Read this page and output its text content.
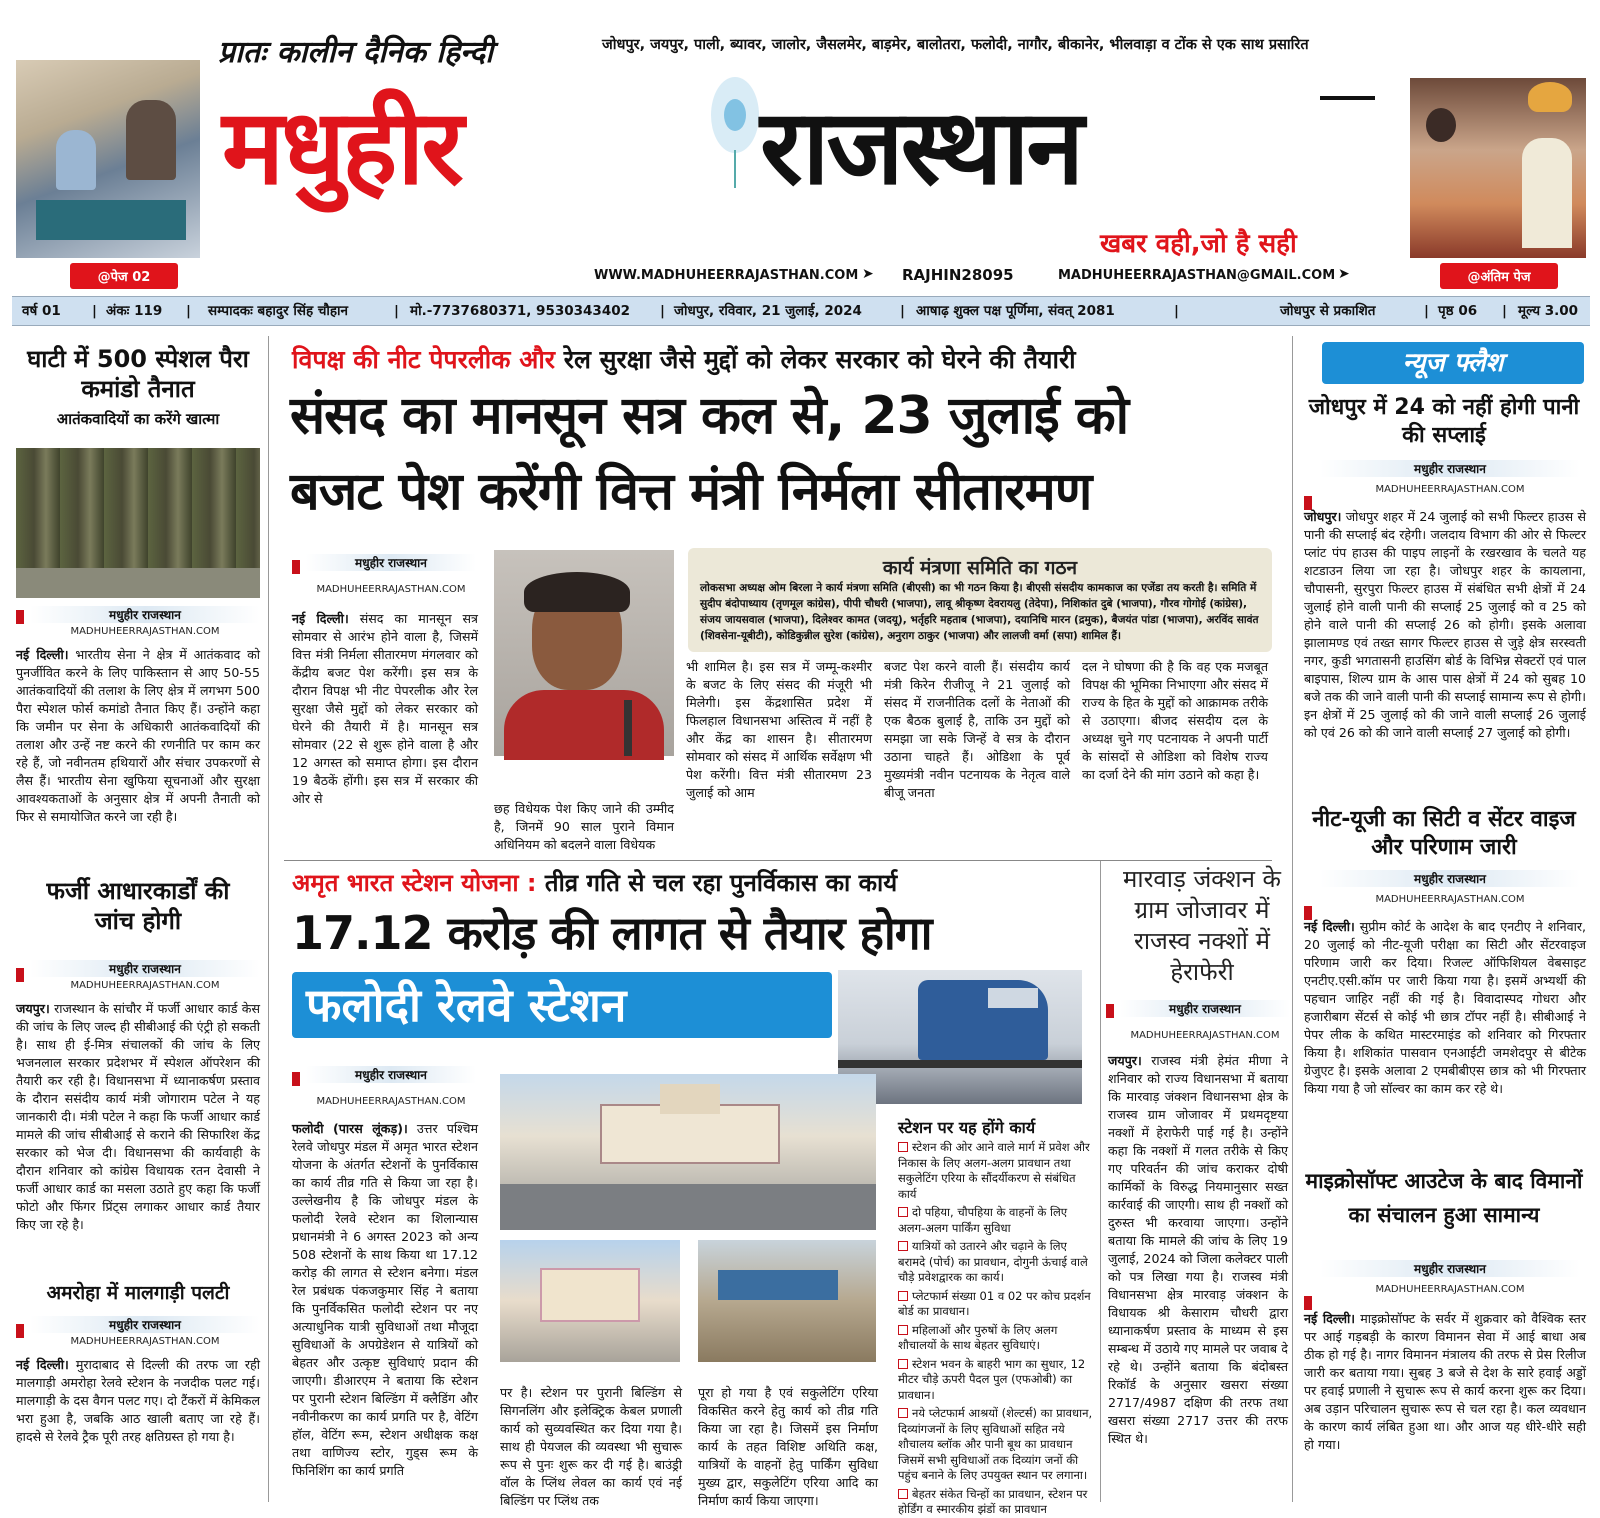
@पेज 02
प्रातः कालीन दैनिक हिन्दी	जोधपुर, जयपुर, पाली, ब्यावर, जालोर, जैसलमेर, बाड़मेर, बालोतरा, फलोदी, नागौर, बीकानेर, भीलवाड़ा व टोंक से एक साथ प्रसारित
मधुहीर	राजस्थान
खबर वही,जो है सही
WWW.MADHUHEERRAJASTHAN.COM ➤ RAJHIN28095	MADHUHEERRAJASTHAN@GMAIL.COM ➤	@अंतिम पेज
वर्ष 01 | अंकः 119 | सम्पादकः बहादुर सिंह चौहान	| मो.-7737680371, 9530343402 | जोधपुर, रविवार, 21 जुलाई, 2024	| आषाढ़ शुक्ल पक्ष पूर्णिमा, संवत् 2081	|	जोधपुर से प्रकाशित	| पृष्ठ 06 | मूल्य 3.00
घाटी में 500 स्पेशल पैरा कमांडो तैनात
आतंकवादियों का करेंगे खात्मा
मधुहीर राजस्थान
MADHUHEERRAJASTHAN.COM
नई दिल्ली। भारतीय सेना ने क्षेत्र में आतंकवाद को पुनर्जीवित करने के लिए पाकिस्तान से आए 50-55 आतंकवादियों की तलाश के लिए क्षेत्र में लगभग 500 पैरा स्पेशल फोर्स कमांडो तैनात किए हैं। उन्होंने कहा कि जमीन पर सेना के अधिकारी आतंकवादियों की तलाश और उन्हें नष्ट करने की रणनीति पर काम कर रहे हैं, जो नवीनतम हथियारों और संचार उपकरणों से लैस हैं। भारतीय सेना खुफिया सूचनाओं और सुरक्षा आवश्यकताओं के अनुसार क्षेत्र में अपनी तैनाती को फिर से समायोजित करने जा रही है।
फर्जी आधारकार्डों की जांच होगी
मधुहीर राजस्थान
MADHUHEERRAJASTHAN.COM
जयपुर। राजस्थान के सांचौर में फर्जी आधार कार्ड केस की जांच के लिए जल्द ही सीबीआई की एंट्री हो सकती है। साथ ही ई-मित्र संचालकों की जांच के लिए भजनलाल सरकार प्रदेशभर में स्पेशल ऑपरेशन की तैयारी कर रही है। विधानसभा में ध्यानाकर्षण प्रस्ताव के दौरान ससंदीय कार्य मंत्री जोगाराम पटेल ने यह जानकारी दी। मंत्री पटेल ने कहा कि फर्जी आधार कार्ड मामले की जांच सीबीआई से कराने की सिफारिश केंद्र सरकार को भेज दी। विधानसभा की कार्यवाही के दौरान शनिवार को कांग्रेस विधायक रतन देवासी ने फर्जी आधार कार्ड का मसला उठाते हुए कहा कि फर्जी फोटो और फिंगर प्रिंट्स लगाकर आधार कार्ड तैयार किए जा रहे है।
अमरोहा में मालगाड़ी पलटी
मधुहीर राजस्थान
MADHUHEERRAJASTHAN.COM
नई दिल्ली। मुरादाबाद से दिल्ली की तरफ जा रही मालगाड़ी अमरोहा रेलवे स्टेशन के नजदीक पलट गई। मालगाड़ी के दस वैगन पलट गए। दो टैंकरों में केमिकल भरा हुआ है, जबकि आठ खाली बताए जा रहे हैं। हादसे से रेलवे ट्रैक पूरी तरह क्षतिग्रस्त हो गया है।
विपक्ष की नीट पेपरलीक और रेल सुरक्षा जैसे मुद्दों को लेकर सरकार को घेरने की तैयारी
संसद का मानसून सत्र कल से, 23 जुलाई को
बजट पेश करेंगी वित्त मंत्री निर्मला सीतारमण
मधुहीर राजस्थान
MADHUHEERRAJASTHAN.COM
नई दिल्ली। संसद का मानसून सत्र सोमवार से आरंभ होने वाला है, जिसमें वित्त मंत्री निर्मला सीतारमण मंगलवार को केंद्रीय बजट पेश करेंगी। इस सत्र के दौरान विपक्ष भी नीट पेपरलीक और रेल सुरक्षा जैसे मुद्दों को लेकर सरकार को घेरने की तैयारी में है। मानसून सत्र सोमवार (22 से शुरू होने वाला है और 12 अगस्त को समाप्त होगा। इस दौरान 19 बैठकें होंगी। इस सत्र में सरकार की ओर से
छह विधेयक पेश किए जाने की उम्मीद है, जिनमें 90 साल पुराने विमान अधिनियम को बदलने वाला विधेयक
कार्य मंत्रणा समिति का गठन
लोकसभा अध्यक्ष ओम बिरला ने कार्य मंत्रणा समिति (बीएसी) का भी गठन किया है। बीएसी संसदीय कामकाज का एजेंडा तय करती है। समिति में सुदीप बंदोपाध्याय (तृणमूल कांग्रेस), पीपी चौधरी (भाजपा), लावू श्रीकृष्ण देवरायलु (तेदेपा), निशिकांत दुबे (भाजपा), गौरव गोगोई (कांग्रेस), संजय जायसवाल (भाजपा), दिलेश्वर कामत (जदयू), भर्तृहरि महताब (भाजपा), दयानिधि मारन (द्रमुक), बैजयंत पांडा (भाजपा), अरविंद सावंत (शिवसेना-यूबीटी), कोडिकुन्नील सुरेश (कांग्रेस), अनुराग ठाकुर (भाजपा) और लालजी वर्मा (सपा) शामिल हैं।
भी शामिल है। इस सत्र में जम्मू-कश्मीर के बजट के लिए संसद की मंजूरी भी मिलेगी। इस केंद्रशासित प्रदेश में फिलहाल विधानसभा अस्तित्व में नहीं है और केंद्र का शासन है। सीतारमण सोमवार को संसद में आर्थिक सर्वेक्षण भी पेश करेंगी। वित्त मंत्री सीतारमण 23 जुलाई को आम
बजट पेश करने वाली हैं। संसदीय कार्य मंत्री किरेन रीजीजू ने 21 जुलाई को संसद में राजनीतिक दलों के नेताओं की एक बैठक बुलाई है, ताकि उन मुद्दों को समझा जा सके जिन्हें वे सत्र के दौरान उठाना चाहते हैं। ओडिशा के पूर्व मुख्यमंत्री नवीन पटनायक के नेतृत्व वाले बीजू जनता
दल ने घोषणा की है कि वह एक मजबूत विपक्ष की भूमिका निभाएगा और संसद में राज्य के हित के मुद्दों को आक्रामक तरीके से उठाएगा। बीजद संसदीय दल के अध्यक्ष चुने गए पटनायक ने अपनी पार्टी के सांसदों से ओडिशा को विशेष राज्य का दर्जा देने की मांग उठाने को कहा है।
अमृत भारत स्टेशन योजना : तीव्र गति से चल रहा पुनर्विकास का कार्य
17.12 करोड़ की लागत से तैयार होगा
फलोदी रेलवे स्टेशन
मधुहीर राजस्थान
MADHUHEERRAJASTHAN.COM
फलोदी (पारस लूंकड़)। उत्तर पश्चिम रेलवे जोधपुर मंडल में अमृत भारत स्टेशन योजना के अंतर्गत स्टेशनों के पुनर्विकास का कार्य तीव्र गति से किया जा रहा है। उल्लेखनीय है कि जोधपुर मंडल के फलोदी रेलवे स्टेशन का शिलान्यास प्रधानमंत्री ने 6 अगस्त 2023 को अन्य 508 स्टेशनों के साथ किया था 17.12 करोड़ की लागत से स्टेशन बनेगा। मंडल रेल प्रबंधक पंकजकुमार सिंह ने बताया कि पुनर्विकसित फलोदी स्टेशन पर नए अत्याधुनिक यात्री सुविधाओं तथा मौजूदा सुविधाओं के अपग्रेडेशन से यात्रियों को बेहतर और उत्कृष्ट सुविधाएं प्रदान की जाएगी। डीआरएम ने बताया कि स्टेशन पर पुरानी स्टेशन बिल्डिंग में क्लैडिंग और नवीनीकरण का कार्य प्रगति पर है, वेटिंग हॉल, वेटिंग रूम, स्टेशन अधीक्षक कक्ष तथा वाणिज्य स्टोर, गुड्स रूम के फिनिशिंग का कार्य प्रगति
पर है। स्टेशन पर पुरानी बिल्डिंग से सिगनलिंग और इलेक्ट्रिक केबल प्रणाली कार्य को सुव्यवस्थित कर दिया गया है। साथ ही पेयजल की व्यवस्था भी सुचारू रूप से पुनः शुरू कर दी गई है। बाउंड्री वॉल के प्लिंथ लेवल का कार्य एवं नई बिल्डिंग पर प्लिंथ तक
पूरा हो गया है एवं सकुलेटिंग एरिया विकसित करने हेतु कार्य को तीव्र गति किया जा रहा है। जिसमें इस निर्माण कार्य के तहत विशिष्ट अथिति कक्ष, यात्रियों के वाहनों हेतु पार्किंग सुविधा मुख्य द्वार, सकुलेटिंग एरिया आदि का निर्माण कार्य किया जाएगा।
स्टेशन पर यह होंगे कार्य
स्टेशन की ओर आने वाले मार्ग में प्रवेश और निकास के लिए अलग-अलग प्रावधान तथा सकुलेटिंग एरिया के सौंदर्यीकरण से संबंधित कार्य
दो पहिया, चौपहिया के वाहनों के लिए अलग-अलग पार्किंग सुविधा
यात्रियों को उतारने और चढ़ाने के लिए बरामदे (पोर्च) का प्रावधान, दोगुनी ऊंचाई वाले चौड़े प्रवेशद्वारक का कार्य।
प्लेटफार्म संख्या 01 व 02 पर कोच प्रदर्शन बोर्ड का प्रावधान।
महिलाओं और पुरुषों के लिए अलग शौचालयों के साथ बेहतर सुविधाएं।
स्टेशन भवन के बाहरी भाग का सुधार, 12 मीटर चौड़े ऊपरी पैदल पुल (एफओबी) का प्रावधान।
नये प्लेटफार्म आश्रयों (शेल्टर्स) का प्रावधान, दिव्यांगजनों के लिए सुविधाओं सहित नये शौचालय ब्लॉक और पानी बूथ का प्रावधान जिसमें सभी सुविधाओं तक दिव्यांग जनों की पहुंच बनाने के लिए उपयुक्त स्थान पर लगाना।
बेहतर संकेत चिन्हों का प्रावधान, स्टेशन पर होर्डिंग व स्मारकीय झंडों का प्रावधान
मारवाड़ जंक्शन के ग्राम जोजावर में राजस्व नक्शों में हेराफेरी
मधुहीर राजस्थान
MADHUHEERRAJASTHAN.COM
जयपुर। राजस्व मंत्री हेमंत मीणा ने शनिवार को राज्य विधानसभा में बताया कि मारवाड़ जंक्शन विधानसभा क्षेत्र के राजस्व ग्राम जोजावर में प्रथमदृष्टया नक्शों में हेराफेरी पाई गई है। उन्होंने कहा कि नक्शों में गलत तरीके से किए गए परिवर्तन की जांच कराकर दोषी कार्मिकों के विरुद्ध नियमानुसार सख्त कार्रवाई की जाएगी। साथ ही नक्शों को दुरुस्त भी करवाया जाएगा। उन्होंने बताया कि मामले की जांच के लिए 19 जुलाई, 2024 को जिला कलेक्टर पाली को पत्र लिखा गया है। राजस्व मंत्री विधानसभा क्षेत्र मारवाड़ जंक्शन के विधायक श्री केसाराम चौधरी द्वारा ध्यानाकर्षण प्रस्ताव के माध्यम से इस सम्बन्ध में उठाये गए मामले पर जवाब दे रहे थे। उन्होंने बताया कि बंदोबस्त रिकॉर्ड के अनुसार खसरा संख्या 2717/4987 दक्षिण की तरफ तथा खसरा संख्या 2717 उत्तर की तरफ स्थित थे।
न्यूज फ्लैश
जोधपुर में 24 को नहीं होगी पानी की सप्लाई
मधुहीर राजस्थान
MADHUHEERRAJASTHAN.COM
जोधपुर। जोधपुर शहर में 24 जुलाई को सभी फिल्टर हाउस से पानी की सप्लाई बंद रहेगी। जलदाय विभाग की ओर से फिल्टर प्लांट पंप हाउस की पाइप लाइनों के रखरखाव के चलते यह शटडाउन लिया जा रहा है। जोधपुर शहर के कायलाना, चौपासनी, सुरपुरा फिल्टर हाउस में संबंधित सभी क्षेत्रों में 24 जुलाई होने वाली पानी की सप्लाई 25 जुलाई को व 25 को होने वाले पानी की सप्लाई 26 को होगी। इसके अलावा झालामण्ड एवं तख्त सागर फिल्टर हाउस से जुड़े क्षेत्र सरस्वती नगर, कुडी भगतासनी हाउसिंग बोर्ड के विभिन्न सेक्टरों एवं पाल बाइपास, शिल्प ग्राम के आस पास क्षेत्रों में 24 को सुबह 10 बजे तक की जाने वाली पानी की सप्लाई सामान्य रूप से होगी। इन क्षेत्रों में 25 जुलाई को की जाने वाली सप्लाई 26 जुलाई को एवं 26 को की जाने वाली सप्लाई 27 जुलाई को होगी।
नीट-यूजी का सिटी व सेंटर वाइज और परिणाम जारी
मधुहीर राजस्थान
MADHUHEERRAJASTHAN.COM
नई दिल्ली। सुप्रीम कोर्ट के आदेश के बाद एनटीए ने शनिवार, 20 जुलाई को नीट-यूजी परीक्षा का सिटी और सेंटरवाइज परिणाम जारी कर दिया। रिजल्ट ऑफिशियल वेबसाइट एनटीए.एसी.कॉम पर जारी किया गया है। इसमें अभ्यर्थी की पहचान जाहिर नहीं की गई है। विवादास्पद गोधरा और हजारीबाग सेंटर्स से कोई भी छात्र टॉपर नहीं है। सीबीआई ने पेपर लीक के कथित मास्टरमाइंड को शनिवार को गिरफ्तार किया है। शशिकांत पासवान एनआईटी जमशेदपुर से बीटेक ग्रेजुएट है। इसके अलावा 2 एमबीबीएस छात्र को भी गिरफ्तार किया गया है जो सॉल्वर का काम कर रहे थे।
माइक्रोसॉफ्ट आउटेज के बाद विमानों का संचालन हुआ सामान्य
मधुहीर राजस्थान
MADHUHEERRAJASTHAN.COM
नई दिल्ली। माइक्रोसॉफ्ट के सर्वर में शुक्रवार को वैश्विक स्तर पर आई गड़बड़ी के कारण विमानन सेवा में आई बाधा अब ठीक हो गई है। नागर विमानन मंत्रालय की तरफ से प्रेस रिलीज जारी कर बताया गया। सुबह 3 बजे से देश के सारे हवाई अड्डों पर हवाई प्रणाली ने सुचारू रूप से कार्य करना शुरू कर दिया। अब उड़ान परिचालन सुचारू रूप से चल रहा है। कल व्यवधान के कारण कार्य लंबित हुआ था। और आज यह धीरे-धीरे सही हो गया।
